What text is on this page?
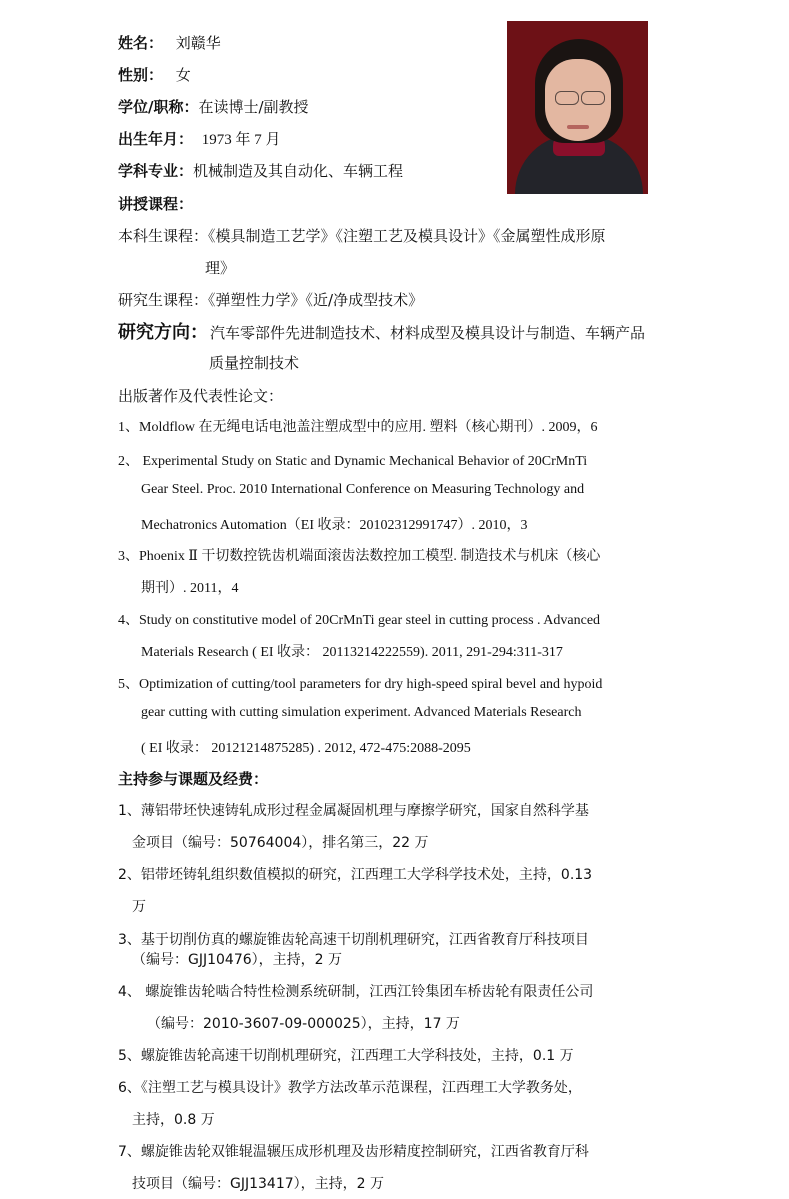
姓名： 刘赣华
性别： 女
学位/职称：在读博士/副教授
出生年月： 1973 年 7 月
学科专业：机械制造及其自动化、车辆工程
讲授课程：
本科生课程：《模具制造工艺学》《注塑工艺及模具设计》《金属塑性成形原
理》
研究生课程：《弹塑性力学》《近/净成型技术》
研究方向： 汽车零部件先进制造技术、材料成型及模具设计与制造、车辆产品
质量控制技术
出版著作及代表性论文：
1、Moldflow 在无绳电话电池盖注塑成型中的应用. 塑料（核心期刊）. 2009，6
2、 Experimental Study on Static and Dynamic Mechanical Behavior of 20CrMnTi
Gear Steel. Proc. 2010 International Conference on Measuring Technology and
Mechatronics Automation（EI 收录：20102312991747）. 2010，3
3、Phoenix Ⅱ 干切数控铣齿机端面滚齿法数控加工模型. 制造技术与机床（核心
期刊）. 2011，4
4、Study on constitutive model of 20CrMnTi gear steel in cutting process . Advanced
Materials Research ( EI 收录： 20113214222559). 2011, 291-294:311-317
5、Optimization of cutting/tool parameters for dry high-speed spiral bevel and hypoid
gear cutting with cutting simulation experiment. Advanced Materials Research
( EI 收录： 20121214875285) . 2012, 472-475:2088-2095
主持参与课题及经费：
1、薄铝带坯快速铸轧成形过程金属凝固机理与摩擦学研究，国家自然科学基
金项目（编号：50764004），排名第三，22 万
2、铝带坯铸轧组织数值模拟的研究，江西理工大学科学技术处，主持，0.13
万
3、基于切削仿真的螺旋锥齿轮高速干切削机理研究，江西省教育厅科技项目
（编号：GJJ10476），主持，2 万
4、 螺旋锥齿轮啮合特性检测系统研制，江西江铃集团车桥齿轮有限责任公司
（编号：2010-3607-09-000025），主持，17 万
5、螺旋锥齿轮高速干切削机理研究，江西理工大学科技处，主持，0.1 万
6、《注塑工艺与模具设计》教学方法改革示范课程，江西理工大学教务处，
主持，0.8 万
7、螺旋锥齿轮双锥辊温辗压成形机理及齿形精度控制研究，江西省教育厅科
技项目（编号：GJJ13417），主持，2 万
